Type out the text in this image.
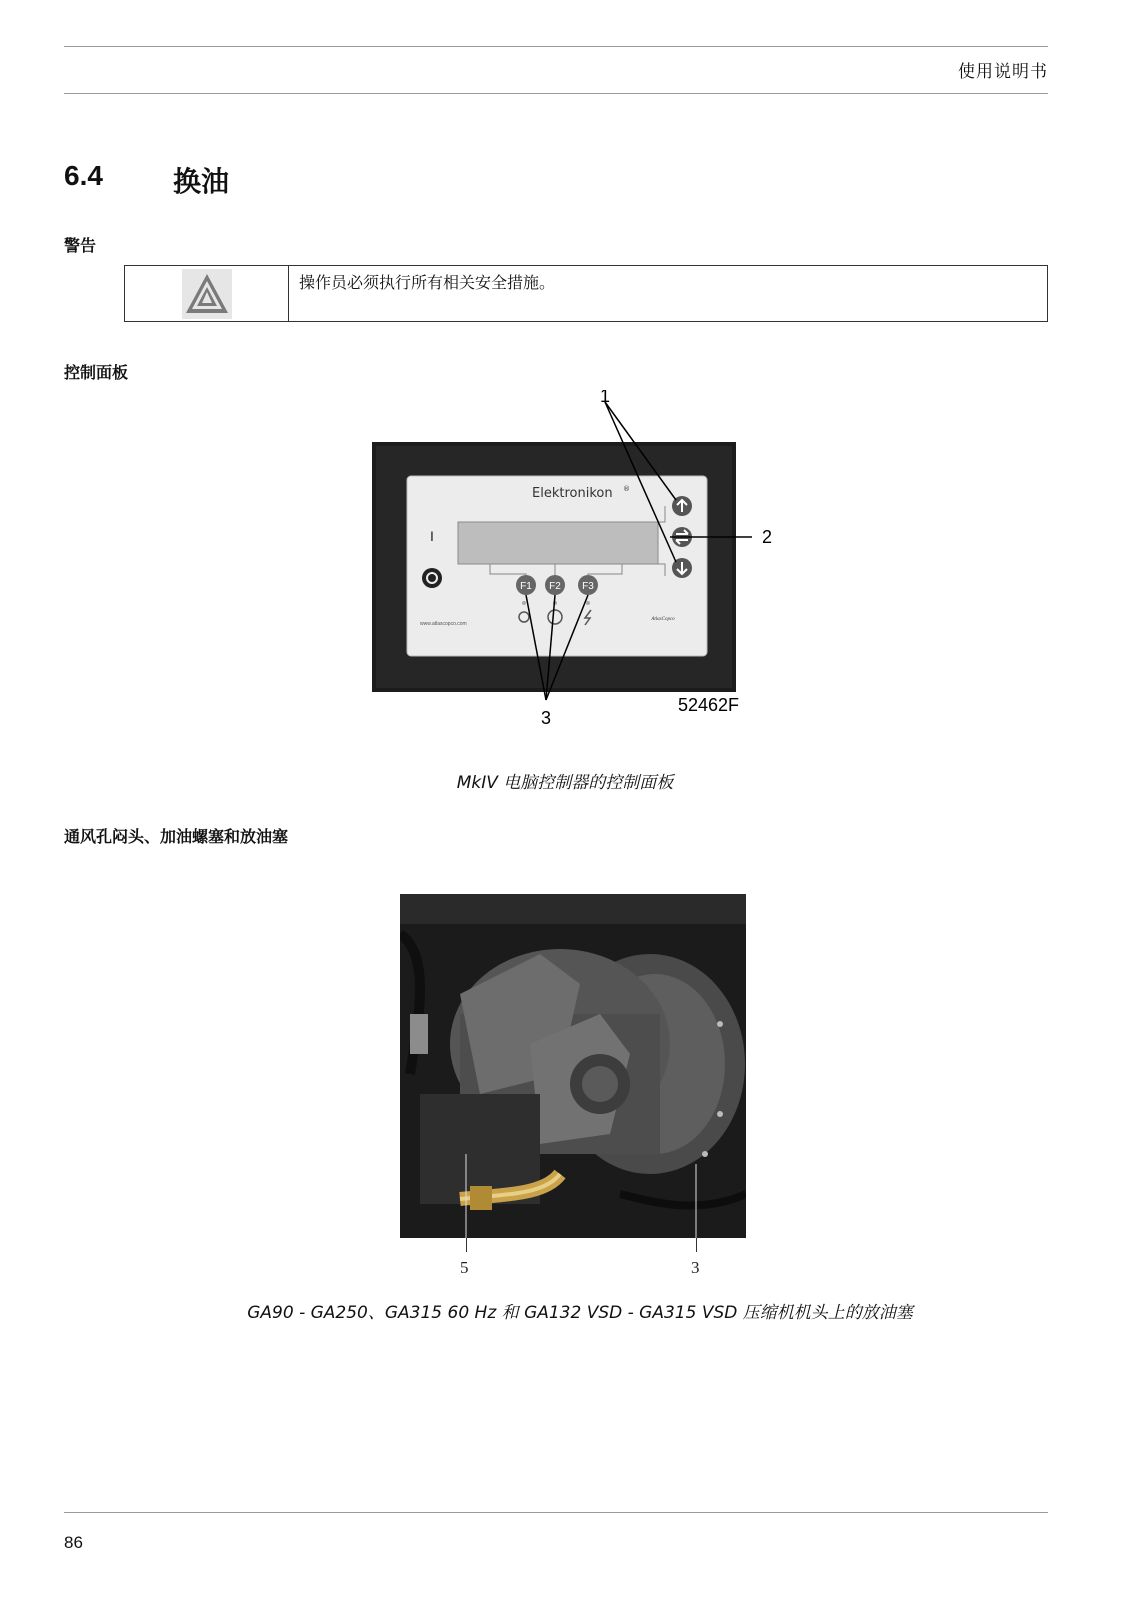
使用说明书
6.4	换油
警告
操作员必须执行所有相关安全措施。
控制面板
F1 F2 F3
I
Elektronikon ®
www.atlascopco.com
AtlasCopco
1
2
3
52462F
MkIV 电脑控制器的控制面板
通风孔闷头、加油螺塞和放油塞
5	3
GA90 - GA250、GA315 60 Hz 和 GA132 VSD - GA315 VSD 压缩机机头上的放油塞
86
